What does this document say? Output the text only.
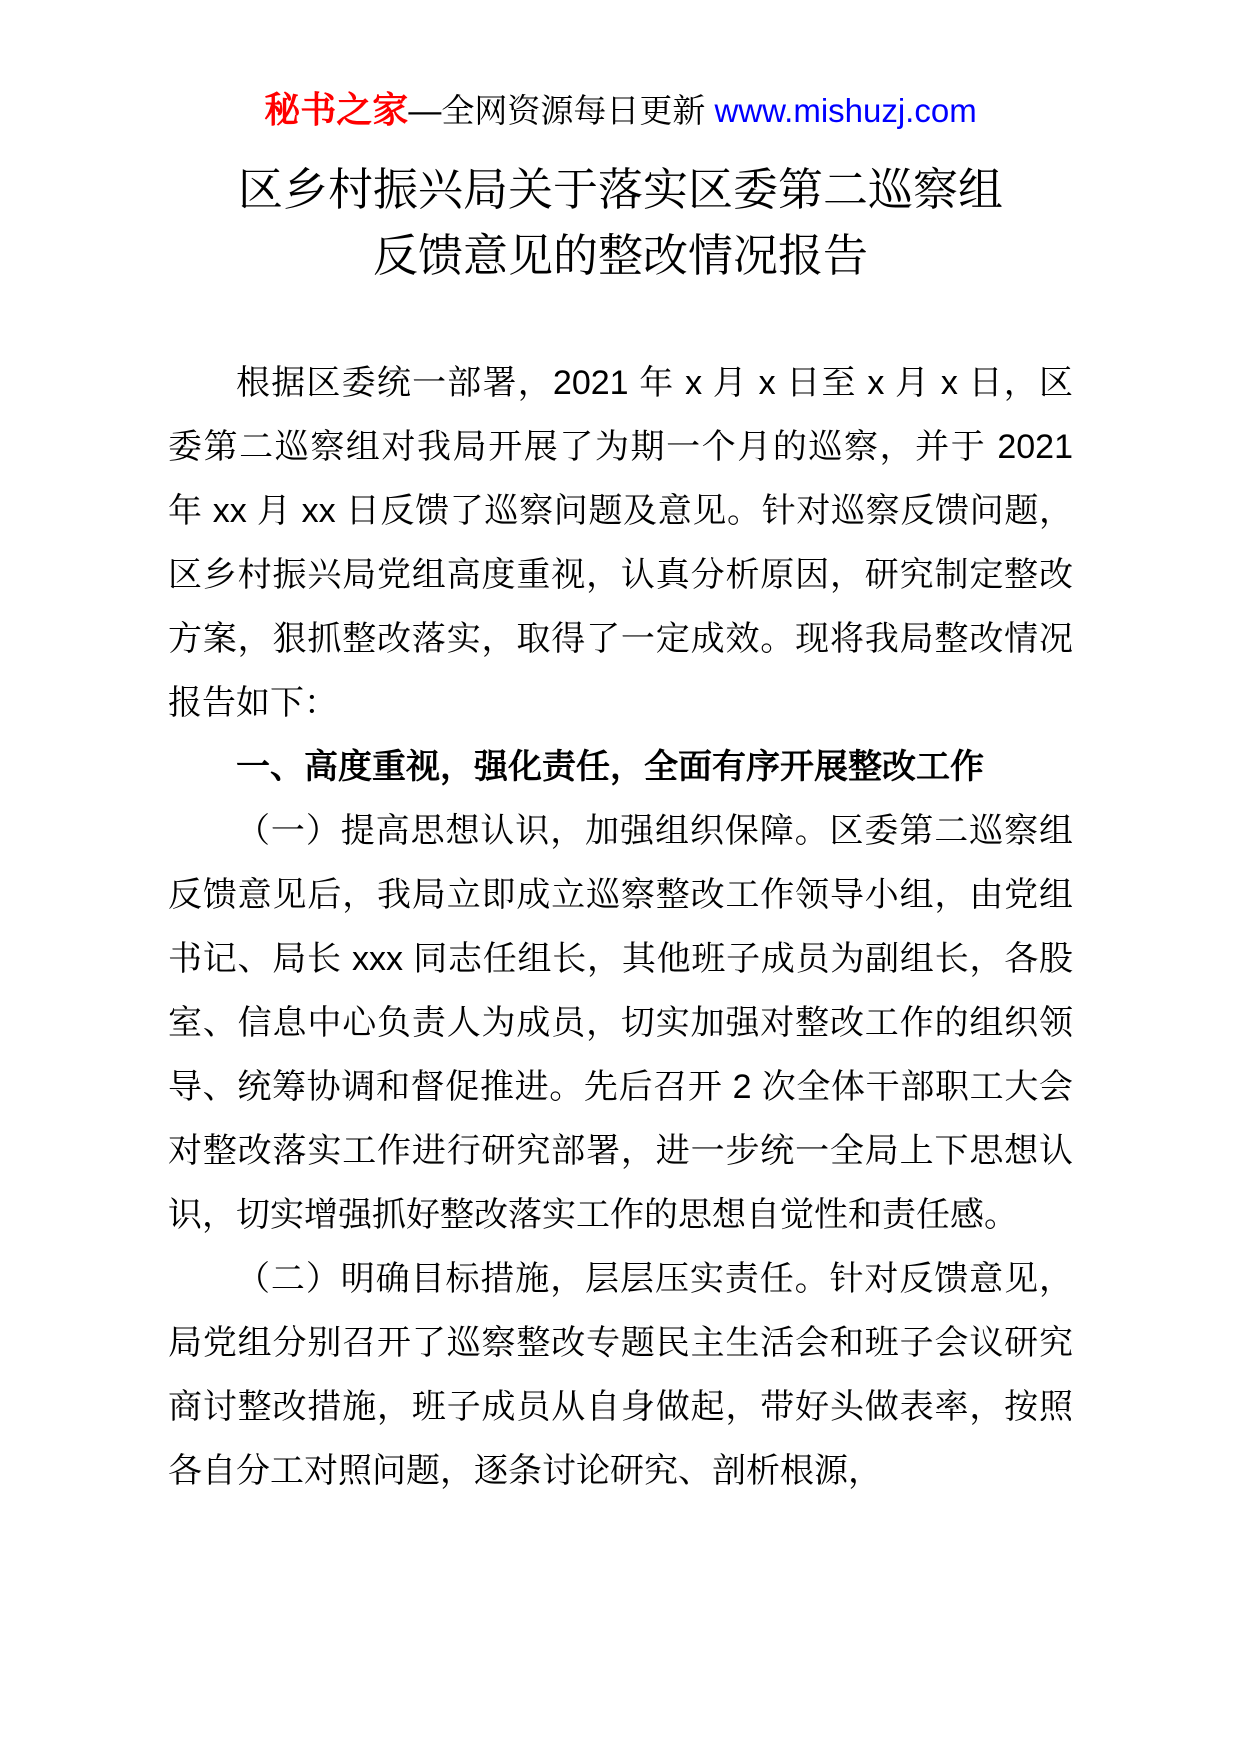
秘书之家—全网资源每日更新 www.mishuzj.com
区乡村振兴局关于落实区委第二巡察组
反馈意见的整改情况报告

根据区委统一部署，2021 年 x 月 x 日至 x 月 x 日，区委第二巡察组对我局开展了为期一个月的巡察，并于 2021 年 xx 月 xx 日反馈了巡察问题及意见。针对巡察反馈问题，区乡村振兴局党组高度重视，认真分析原因，研究制定整改方案，狠抓整改落实，取得了一定成效。现将我局整改情况报告如下：

一、高度重视，强化责任，全面有序开展整改工作

（一）提高思想认识，加强组织保障。区委第二巡察组反馈意见后，我局立即成立巡察整改工作领导小组，由党组书记、局长 xxx 同志任组长，其他班子成员为副组长，各股室、信息中心负责人为成员，切实加强对整改工作的组织领导、统筹协调和督促推进。先后召开 2 次全体干部职工大会对整改落实工作进行研究部署，进一步统一全局上下思想认识，切实增强抓好整改落实工作的思想自觉性和责任感。

（二）明确目标措施，层层压实责任。针对反馈意见，局党组分别召开了巡察整改专题民主生活会和班子会议研究商讨整改措施，班子成员从自身做起，带好头做表率，按照各自分工对照问题，逐条讨论研究、剖析根源，
